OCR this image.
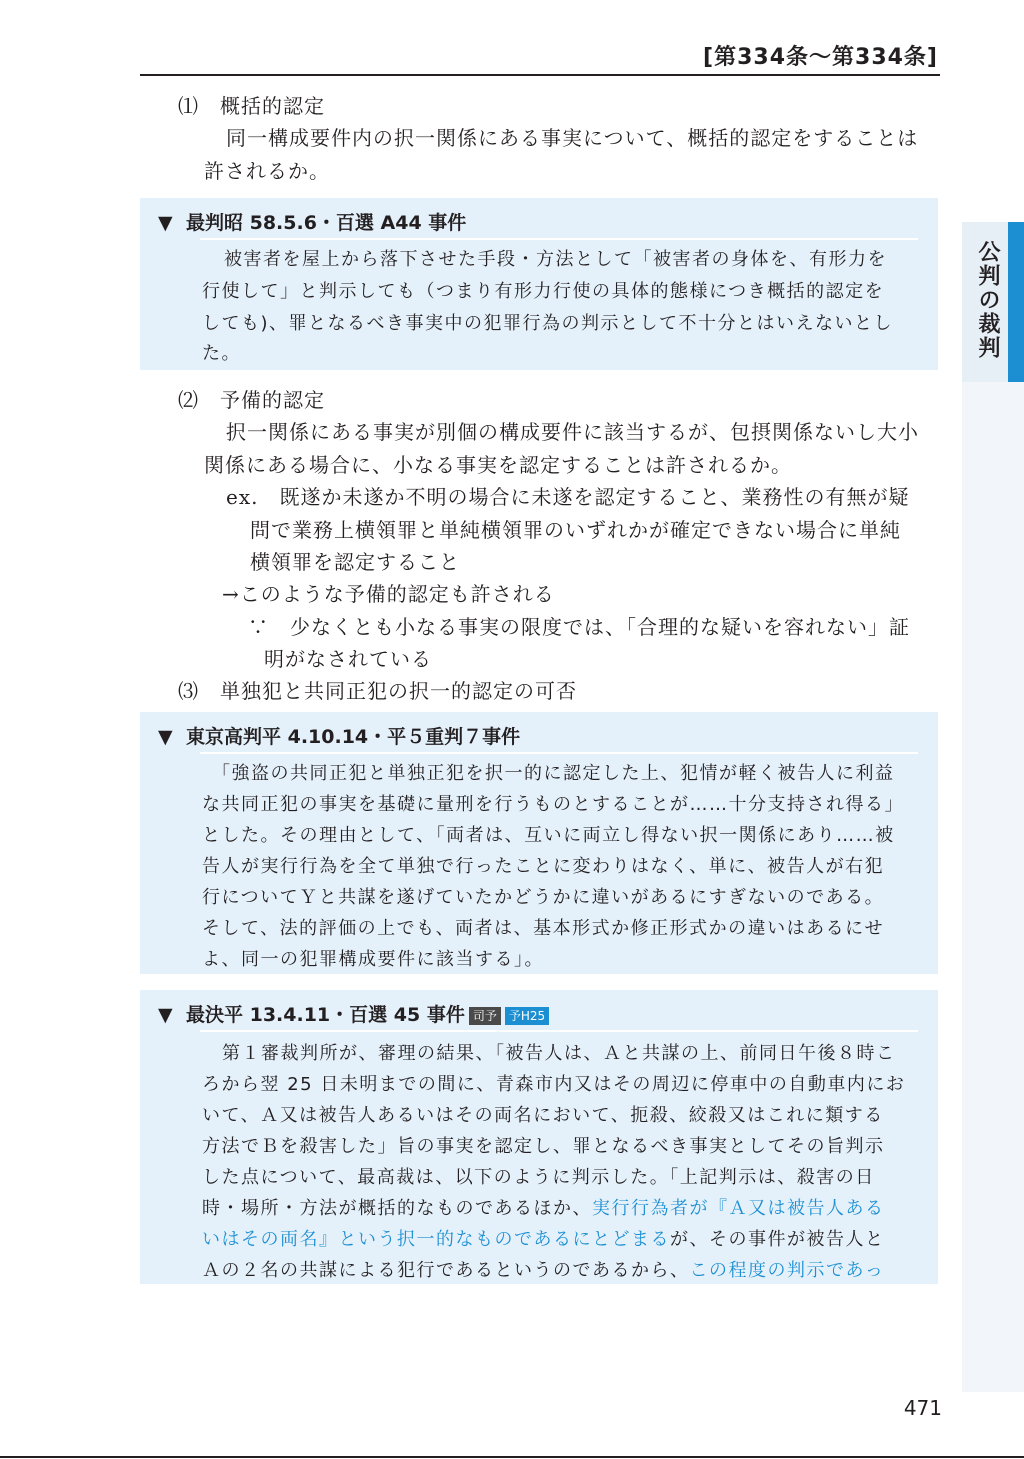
[第334条〜第334条]
公判の裁判
⑴　概括的認定
同一構成要件内の択一関係にある事実について、概括的認定をすることは
許されるか。
▼ 最判昭 58.5.6・百選 A44 事件
被害者を屋上から落下させた手段・方法として「被害者の身体を、有形力を
行使して」と判示しても（つまり有形力行使の具体的態様につき概括的認定を
しても)、罪となるべき事実中の犯罪行為の判示として不十分とはいえないとし
た。
⑵　予備的認定
択一関係にある事実が別個の構成要件に該当するが、包摂関係ないし大小
関係にある場合に、小なる事実を認定することは許されるか。
ex.　既遂か未遂か不明の場合に未遂を認定すること、業務性の有無が疑
問で業務上横領罪と単純横領罪のいずれかが確定できない場合に単純
横領罪を認定すること
→このような予備的認定も許される
∵　少なくとも小なる事実の限度では、「合理的な疑いを容れない」証
明がなされている
⑶　単独犯と共同正犯の択一的認定の可否
▼ 東京高判平 4.10.14・平５重判７事件
「強盗の共同正犯と単独正犯を択一的に認定した上、犯情が軽く被告人に利益
な共同正犯の事実を基礎に量刑を行うものとすることが……十分支持され得る」
とした。その理由として、「両者は、互いに両立し得ない択一関係にあり……被
告人が実行行為を全て単独で行ったことに変わりはなく、単に、被告人が右犯
行についてＹと共謀を遂げていたかどうかに違いがあるにすぎないのである。
そして、法的評価の上でも、両者は、基本形式か修正形式かの違いはあるにせ
よ、同一の犯罪構成要件に該当する」。
▼ 最決平 13.4.11・百選 45 事件 司予 予H25
第１審裁判所が、審理の結果、「被告人は、Ａと共謀の上、前同日午後８時こ
ろから翌 25 日未明までの間に、青森市内又はその周辺に停車中の自動車内にお
いて、Ａ又は被告人あるいはその両名において、扼殺、絞殺又はこれに類する
方法でＢを殺害した」旨の事実を認定し、罪となるべき事実としてその旨判示
した点について、最高裁は、以下のように判示した。「上記判示は、殺害の日
時・場所・方法が概括的なものであるほか、実行行為者が『Ａ又は被告人ある
いはその両名』という択一的なものであるにとどまるが、その事件が被告人と
Ａの２名の共謀による犯行であるというのであるから、この程度の判示であっ
471
